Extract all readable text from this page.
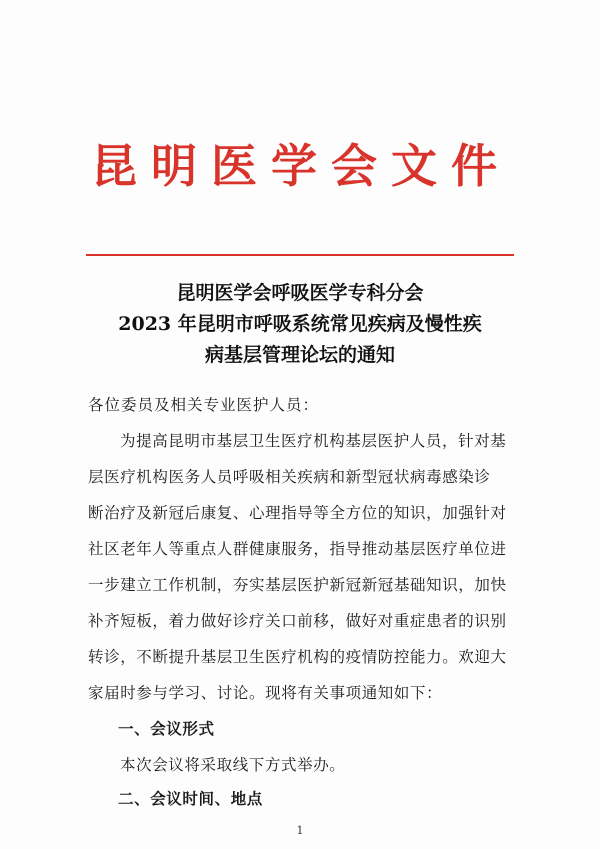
昆明医学会文件
昆明医学会呼吸医学专科分会
2023 年昆明市呼吸系统常见疾病及慢性疾
病基层管理论坛的通知
各位委员及相关专业医护人员：
为提高昆明市基层卫生医疗机构基层医护人员，针对基
层医疗机构医务人员呼吸相关疾病和新型冠状病毒感染诊
断治疗及新冠后康复、心理指导等全方位的知识，加强针对
社区老年人等重点人群健康服务，指导推动基层医疗单位进
一步建立工作机制，夯实基层医护新冠新冠基础知识，加快
补齐短板，着力做好诊疗关口前移，做好对重症患者的识别
转诊，不断提升基层卫生医疗机构的疫情防控能力。欢迎大
家届时参与学习、讨论。现将有关事项通知如下：
一、会议形式
本次会议将采取线下方式举办。
二、会议时间、地点
1
